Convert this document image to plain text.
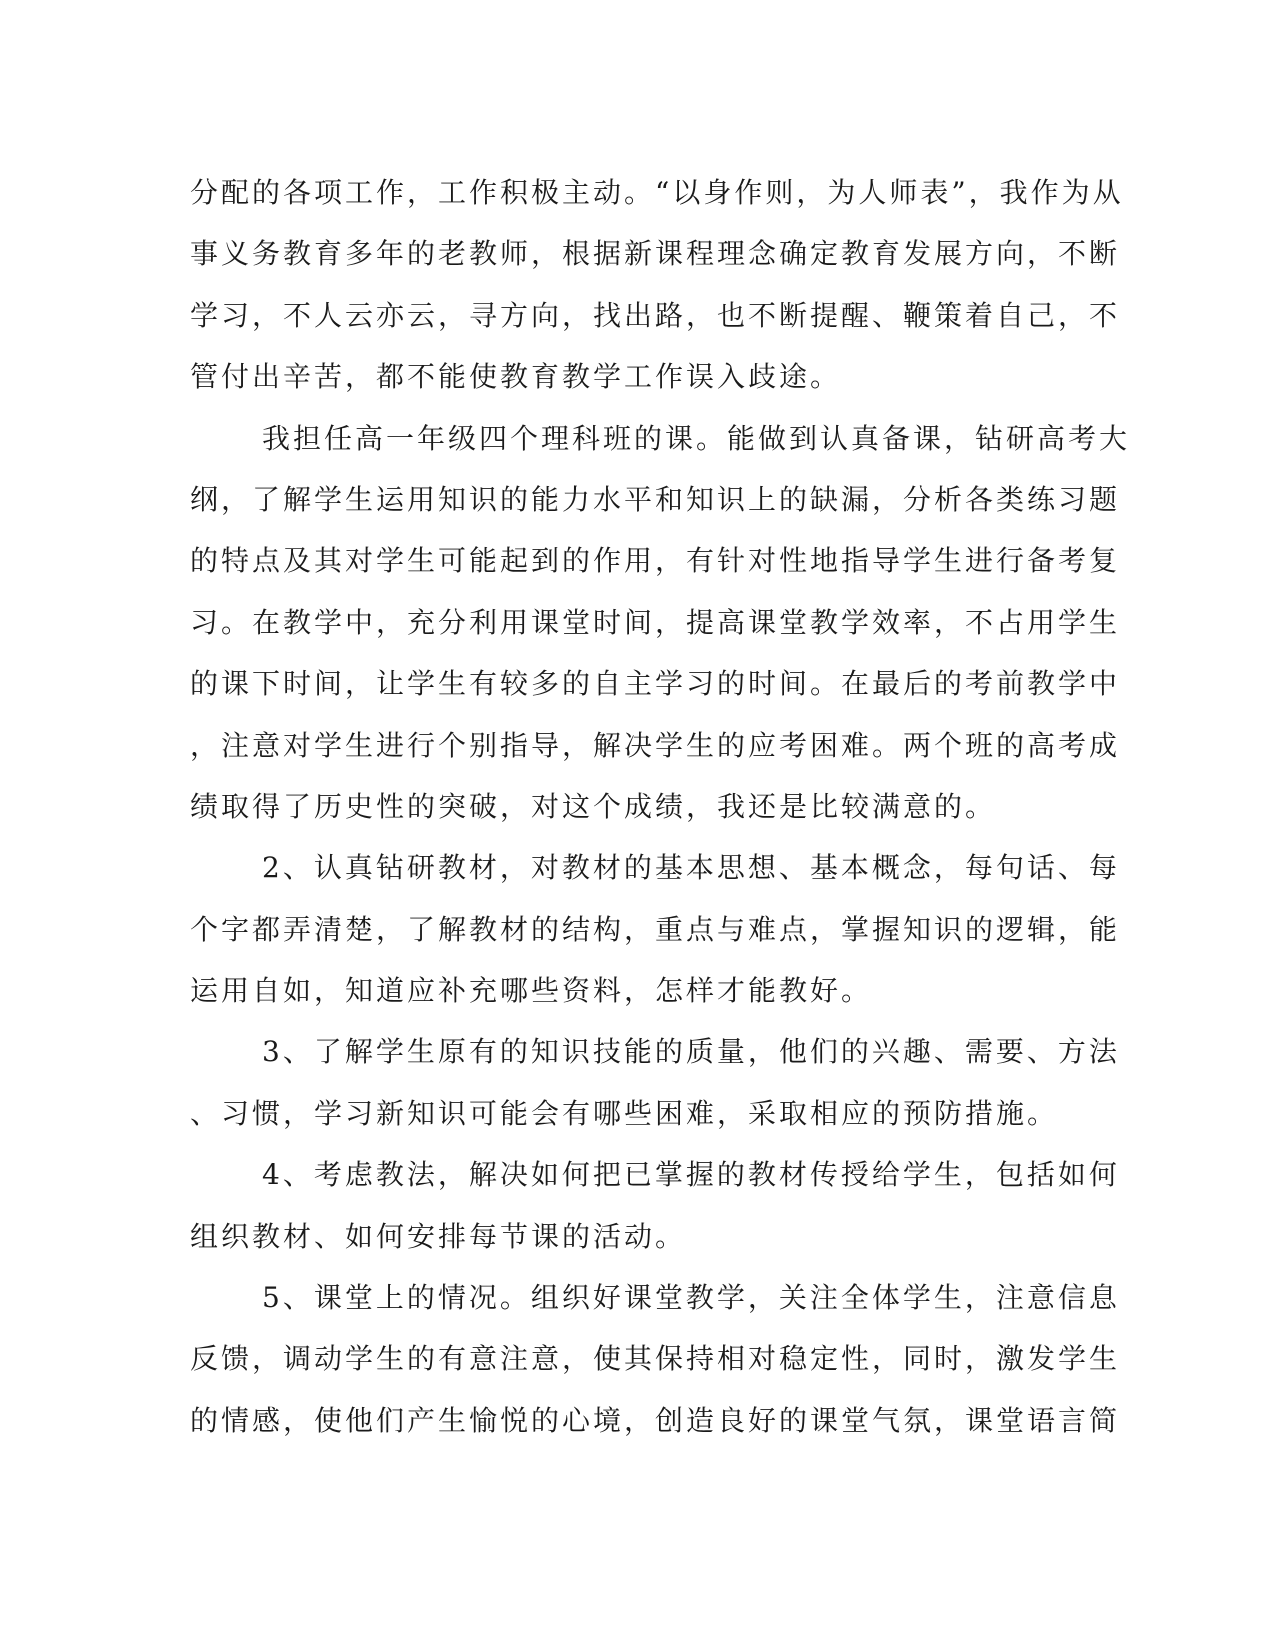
分配的各项工作，工作积极主动。“以身作则，为人师表”，我作为从
事义务教育多年的老教师，根据新课程理念确定教育发展方向，不断
学习，不人云亦云，寻方向，找出路，也不断提醒、鞭策着自己，不
管付出辛苦，都不能使教育教学工作误入歧途。
我担任高一年级四个理科班的课。能做到认真备课，钻研高考大
纲，了解学生运用知识的能力水平和知识上的缺漏，分析各类练习题
的特点及其对学生可能起到的作用，有针对性地指导学生进行备考复
习。在教学中，充分利用课堂时间，提高课堂教学效率，不占用学生
的课下时间，让学生有较多的自主学习的时间。在最后的考前教学中
，注意对学生进行个别指导，解决学生的应考困难。两个班的高考成
绩取得了历史性的突破，对这个成绩，我还是比较满意的。
2、认真钻研教材，对教材的基本思想、基本概念，每句话、每
个字都弄清楚，了解教材的结构，重点与难点，掌握知识的逻辑，能
运用自如，知道应补充哪些资料，怎样才能教好。
3、了解学生原有的知识技能的质量，他们的兴趣、需要、方法
、习惯，学习新知识可能会有哪些困难，采取相应的预防措施。
4、考虑教法，解决如何把已掌握的教材传授给学生，包括如何
组织教材、如何安排每节课的活动。
5、课堂上的情况。组织好课堂教学，关注全体学生，注意信息
反馈，调动学生的有意注意，使其保持相对稳定性，同时，激发学生
的情感，使他们产生愉悦的心境，创造良好的课堂气氛，课堂语言简
